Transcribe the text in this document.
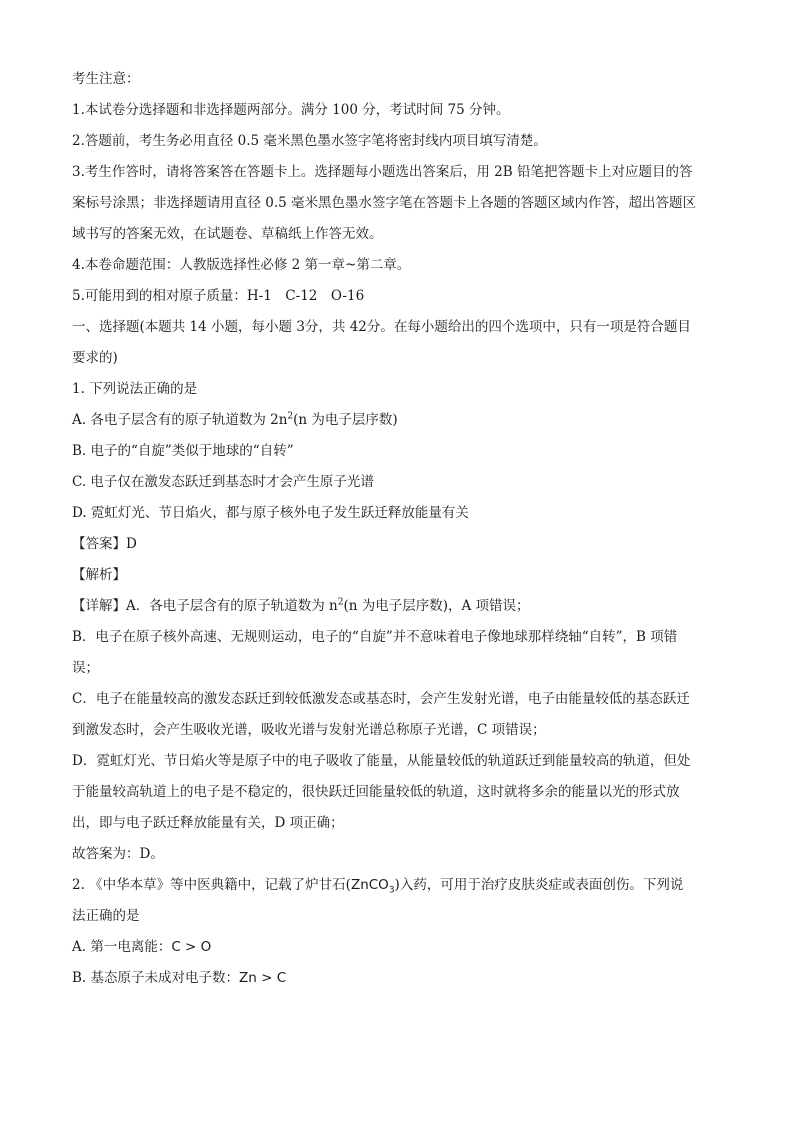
考生注意：

1.本试卷分选择题和非选择题两部分。满分 100 分，考试时间 75 分钟。

2.答题前，考生务必用直径 0.5 毫米黑色墨水签字笔将密封线内项目填写清楚。

3.考生作答时，请将答案答在答题卡上。选择题每小题选出答案后，用 2B 铅笔把答题卡上对应题目的答

案标号涂黑；非选择题请用直径 0.5 毫米黑色墨水签字笔在答题卡上各题的答题区域内作答，超出答题区

域书写的答案无效，在试题卷、草稿纸上作答无效。

4.本卷命题范围：人教版选择性必修 2 第一章~第二章。

5.可能用到的相对原子质量：H-1　C-12　O-16

一、选择题(本题共 14 小题，每小题 3分，共 42分。在每小题给出的四个选项中，只有一项是符合题目

要求的)

1. 下列说法正确的是

A. 各电子层含有的原子轨道数为 $2n^2(n$ 为电子层序数)

B. 电子的“自旋”类似于地球的“自转”

C. 电子仅在激发态跃迁到基态时才会产生原子光谱

D. 霓虹灯光、节日焰火，都与原子核外电子发生跃迁释放能量有关

【答案】D

【解析】

【详解】A．各电子层含有的原子轨道数为 $n^2(n$ 为电子层序数)，A 项错误；

B．电子在原子核外高速、无规则运动，电子的“自旋”并不意味着电子像地球那样绕轴“自转”，B 项错

误；

C．电子在能量较高的激发态跃迁到较低激发态或基态时，会产生发射光谱，电子由能量较低的基态跃迁

到激发态时，会产生吸收光谱，吸收光谱与发射光谱总称原子光谱，C 项错误；

D．霓虹灯光、节日焰火等是原子中的电子吸收了能量，从能量较低的轨道跃迁到能量较高的轨道，但处

于能量较高轨道上的电子是不稳定的，很快跃迁回能量较低的轨道，这时就将多余的能量以光的形式放

出，即与电子跃迁释放能量有关，D 项正确；

故答案为：D。

2. 《中华本草》等中医典籍中，记载了炉甘石(ZnCO$_3$)入药，可用于治疗皮肤炎症或表面创伤。下列说

法正确的是

A. 第一电离能：C > O

B. 基态原子未成对电子数：Zn > C
